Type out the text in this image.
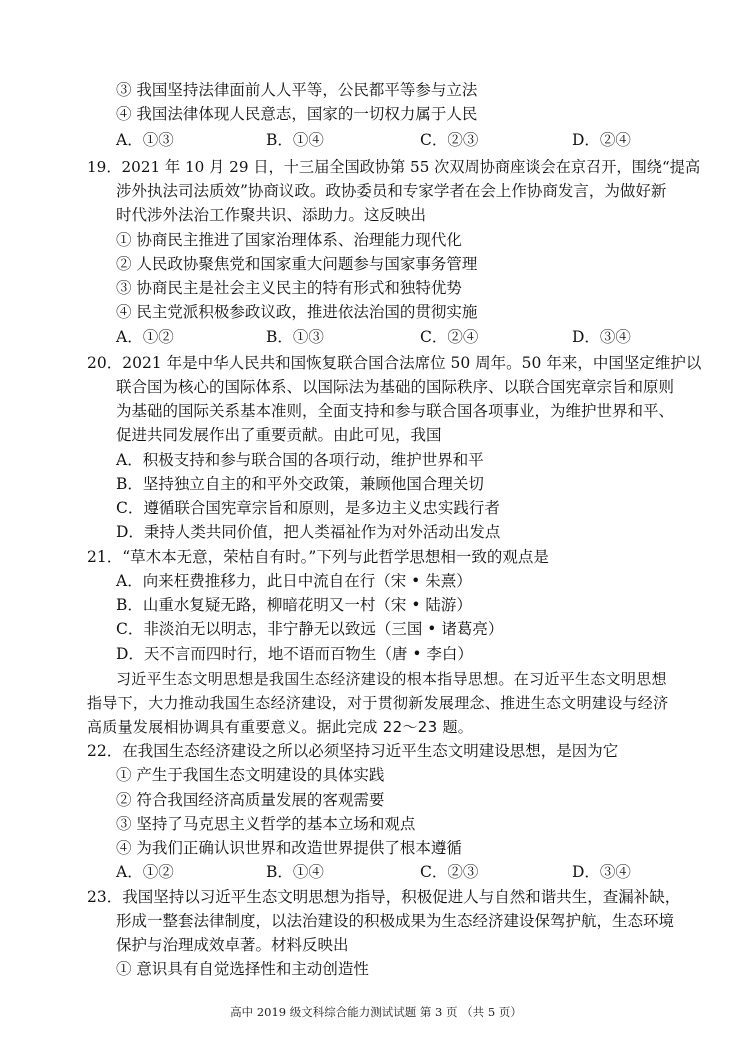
③ 我国坚持法律面前人人平等，公民都平等参与立法
④ 我国法律体现人民意志，国家的一切权力属于人民
A．①③	B．①④	C．②③	D．②④
19．2021 年 10 月 29 日，十三届全国政协第 55 次双周协商座谈会在京召开，围绕“提高
涉外执法司法质效”协商议政。政协委员和专家学者在会上作协商发言，为做好新
时代涉外法治工作聚共识、添助力。这反映出
① 协商民主推进了国家治理体系、治理能力现代化
② 人民政协聚焦党和国家重大问题参与国家事务管理
③ 协商民主是社会主义民主的特有形式和独特优势
④ 民主党派积极参政议政，推进依法治国的贯彻实施
A．①②	B．①③	C．②④	D．③④
20．2021 年是中华人民共和国恢复联合国合法席位 50 周年。50 年来，中国坚定维护以
联合国为核心的国际体系、以国际法为基础的国际秩序、以联合国宪章宗旨和原则
为基础的国际关系基本准则，全面支持和参与联合国各项事业，为维护世界和平、
促进共同发展作出了重要贡献。由此可见，我国
A．积极支持和参与联合国的各项行动，维护世界和平
B．坚持独立自主的和平外交政策，兼顾他国合理关切
C．遵循联合国宪章宗旨和原则，是多边主义忠实践行者
D．秉持人类共同价值，把人类福祉作为对外活动出发点
21．“草木本无意，荣枯自有时。”下列与此哲学思想相一致的观点是
A．向来枉费推移力，此日中流自在行（宋 • 朱熹）
B．山重水复疑无路，柳暗花明又一村（宋 • 陆游）
C．非淡泊无以明志，非宁静无以致远（三国 • 诸葛亮）
D．天不言而四时行，地不语而百物生（唐 • 李白）
习近平生态文明思想是我国生态经济建设的根本指导思想。在习近平生态文明思想
指导下，大力推动我国生态经济建设，对于贯彻新发展理念、推进生态文明建设与经济
高质量发展相协调具有重要意义。据此完成 22～23 题。
22．在我国生态经济建设之所以必须坚持习近平生态文明建设思想，是因为它
① 产生于我国生态文明建设的具体实践
② 符合我国经济高质量发展的客观需要
③ 坚持了马克思主义哲学的基本立场和观点
④ 为我们正确认识世界和改造世界提供了根本遵循
A．①②	B．①④	C．②③	D．③④
23．我国坚持以习近平生态文明思想为指导，积极促进人与自然和谐共生，查漏补缺，
形成一整套法律制度，以法治建设的积极成果为生态经济建设保驾护航，生态环境
保护与治理成效卓著。材料反映出
① 意识具有自觉选择性和主动创造性
高中 2019 级文科综合能力测试试题 第 3 页 （共 5 页）
